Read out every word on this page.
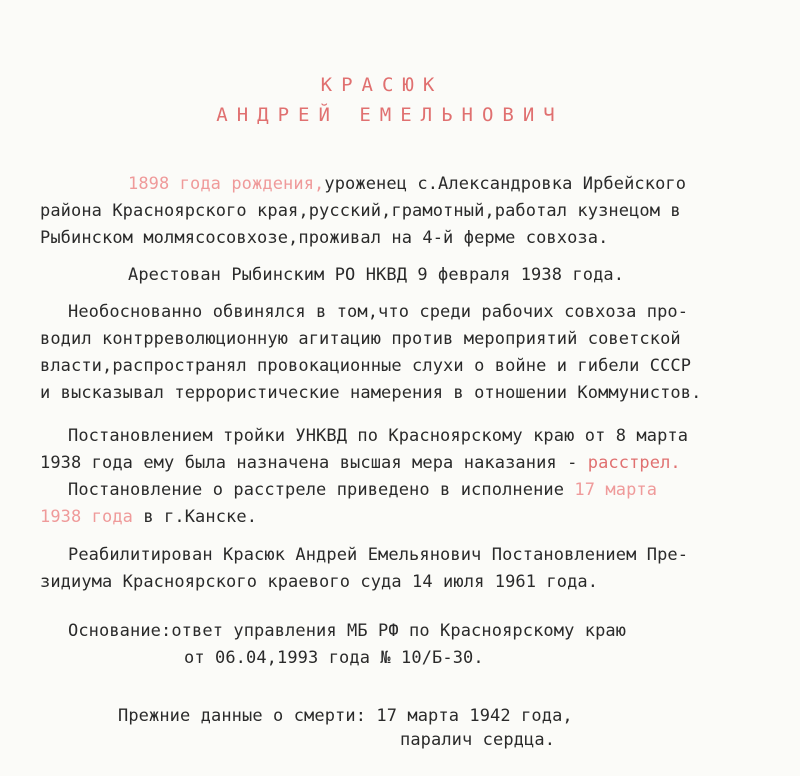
КРАСЮК
АНДРЕЙ ЕМЕЛЬНОВИЧ
1898 года рождения,уроженец с.Александровка Ирбейского
района Красноярского края,русский,грамотный,работал кузнецом в
Рыбинском молмясосовхозе,проживал на 4-й ферме совхоза.
Арестован Рыбинским РО НКВД 9 февраля 1938 года.
Необоснованно обвинялся в том,что среди рабочих совхоза про-
водил контрреволюционную агитацию против мероприятий советской
власти,распространял провокационные слухи о войне и гибели СССР
и высказывал террористические намерения в отношении Коммунистов.
Постановлением тройки УНКВД по Красноярскому краю от 8 марта
1938 года ему была назначена высшая мера наказания - расстрел.
Постановление о расстреле приведено в исполнение 17 марта
1938 года в г.Канске.
Реабилитирован Красюк Андрей Емельянович Постановлением Пре-
зидиума Красноярского краевого суда 14 июля 1961 года.
Основание:ответ управления МБ РФ по Красноярскому краю
от 06.04,1993 года № 10/Б-30.
Прежние данные о смерти: 17 марта 1942 года,
паралич сердца.
